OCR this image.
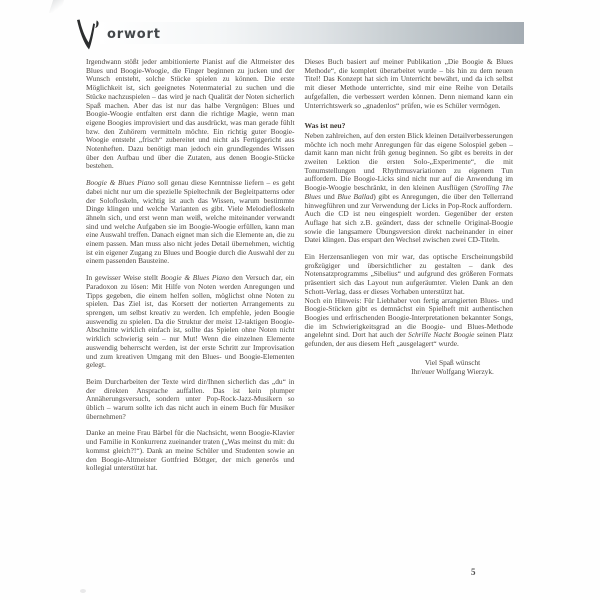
orwort

Irgendwann stößt jeder ambitionierte Pianist auf die Altmeister des Blues und Boogie-Woogie, die Finger beginnen zu jucken und der Wunsch entsteht, solche Stücke spielen zu können. Die erste Möglichkeit ist, sich geeignetes Notenmaterial zu suchen und die Stücke nachzuspielen – das wird je nach Qualität der Noten sicherlich Spaß machen. Aber das ist nur das halbe Vergnügen: Blues und Boogie-Woogie entfalten erst dann die richtige Magie, wenn man eigene Boogies improvisiert und das ausdrückt, was man gerade fühlt bzw. den Zuhörern vermitteln möchte. Ein richtig guter Boogie-Woogie entsteht „frisch“ zubereitet und nicht als Fertiggericht aus Notenheften. Dazu benötigt man jedoch ein grundlegendes Wissen über den Aufbau und über die Zutaten, aus denen Boogie-Stücke bestehen.

Boogie & Blues Piano soll genau diese Kenntnisse liefern – es geht dabei nicht nur um die spezielle Spieltechnik der Begleitpatterns oder der Solofloskeln, wichtig ist auch das Wissen, warum bestimmte Dinge klingen und welche Varianten es gibt. Viele Melodiefloskeln ähneln sich, und erst wenn man weiß, welche miteinander verwandt sind und welche Aufgaben sie im Boogie-Woogie erfüllen, kann man eine Auswahl treffen. Danach eignet man sich die Elemente an, die zu einem passen. Man muss also nicht jedes Detail übernehmen, wichtig ist ein eigener Zugang zu Blues und Boogie durch die Auswahl der zu einem passenden Bausteine.

In gewisser Weise stellt Boogie & Blues Piano den Versuch dar, ein Paradoxon zu lösen: Mit Hilfe von Noten werden Anregungen und Tipps gegeben, die einem helfen sollen, möglichst ohne Noten zu spielen. Das Ziel ist, das Korsett der notierten Arrangements zu sprengen, um selbst kreativ zu werden. Ich empfehle, jeden Boogie auswendig zu spielen. Da die Struktur der meist 12-taktigen Boogie-Abschnitte wirklich einfach ist, sollte das Spielen ohne Noten nicht wirklich schwierig sein – nur Mut! Wenn die einzelnen Elemente auswendig beherrscht werden, ist der erste Schritt zur Improvisation und zum kreativen Umgang mit den Blues- und Boogie-Elementen gelegt.

Beim Durcharbeiten der Texte wird dir/Ihnen sicherlich das „du“ in der direkten Ansprache auffallen. Das ist kein plumper Annäherungsversuch, sondern unter Pop-Rock-Jazz-Musikern so üblich – warum sollte ich das nicht auch in einem Buch für Musiker übernehmen?

Danke an meine Frau Bärbel für die Nachsicht, wenn Boogie-Klavier und Familie in Konkurrenz zueinander traten („Was meinst du mit: du kommst gleich?!“). Dank an meine Schüler und Studenten sowie an den Boogie-Altmeister Gottfried Böttger, der mich generös und kollegial unterstützt hat.

Dieses Buch basiert auf meiner Publikation „Die Boogie & Blues Methode“, die komplett überarbeitet wurde – bis hin zu dem neuen Titel! Das Konzept hat sich im Unterricht bewährt, und da ich selbst mit dieser Methode unterrichte, sind mir eine Reihe von Details aufgefallen, die verbessert werden können. Denn niemand kann ein Unterrichtswerk so „gnadenlos“ prüfen, wie es Schüler vermögen.

Was ist neu?

Neben zahlreichen, auf den ersten Blick kleinen Detailverbesserungen möchte ich noch mehr Anregungen für das eigene Solospiel geben – damit kann man nicht früh genug beginnen. So gibt es bereits in der zweiten Lektion die ersten Solo-„Experimente“, die mit Tonumstellungen und Rhythmusvariationen zu eigenem Tun auffordern. Die Boogie-Licks sind nicht nur auf die Anwendung im Boogie-Woogie beschränkt, in den kleinen Ausflügen (Strolling The Blues und Blue Ballad) gibt es Anregungen, die über den Tellerrand hinwegführen und zur Verwendung der Licks in Pop-Rock auffordern.

Auch die CD ist neu eingespielt worden. Gegenüber der ersten Auflage hat sich z.B. geändert, dass der schnelle Original-Boogie sowie die langsamere Übungsversion direkt nacheinander in einer Datei klingen. Das erspart den Wechsel zwischen zwei CD-Titeln.

Ein Herzensanliegen von mir war, das optische Erscheinungsbild großzügiger und übersichtlicher zu gestalten – dank des Notensatzprogramms „Sibelius“ und aufgrund des größeren Formats präsentiert sich das Layout nun aufgeräumter. Vielen Dank an den Schott-Verlag, dass er dieses Vorhaben unterstützt hat.

Noch ein Hinweis: Für Liebhaber von fertig arrangierten Blues- und Boogie-Stücken gibt es demnächst ein Spielheft mit authentischen Boogies und erfrischenden Boogie-Interpretationen bekannter Songs, die im Schwierigkeitsgrad an die Boogie- und Blues-Methode angelehnt sind. Dort hat auch der Schrille Nacht Boogie seinen Platz gefunden, der aus diesem Heft „ausgelagert“ wurde.

Viel Spaß wünscht
Ihr/euer Wolfgang Wierzyk.
5
